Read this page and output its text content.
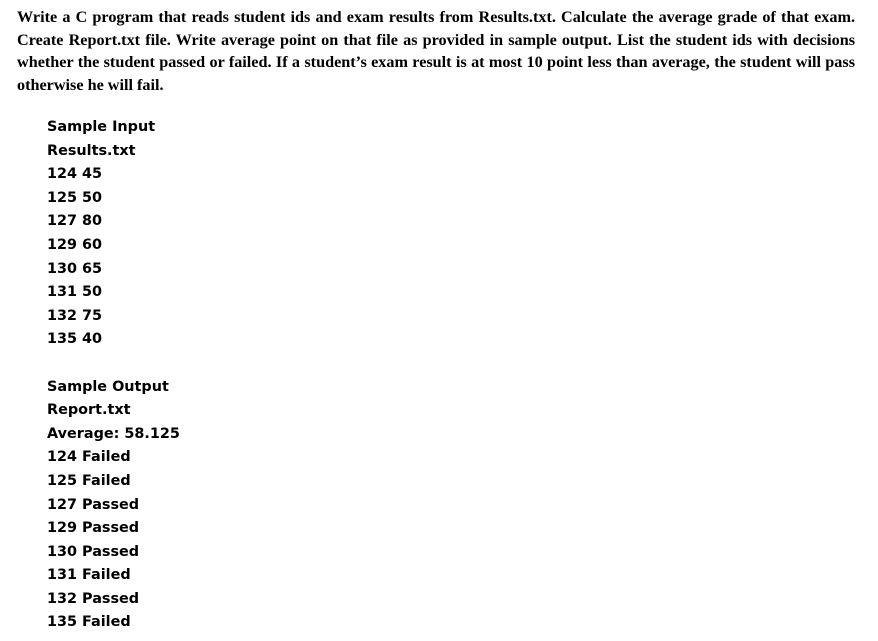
Write a C program that reads student ids and exam results from Results.txt. Calculate the average grade of that exam. Create Report.txt file. Write average point on that file as provided in sample output. List the student ids with decisions whether the student passed or failed. If a student’s exam result is at most 10 point less than average, the student will pass otherwise he will fail.

Sample Input
Results.txt
124 45
125 50
127 80
129 60
130 65
131 50
132 75
135 40
Sample Output
Report.txt
Average: 58.125
124 Failed
125 Failed
127 Passed
129 Passed
130 Passed
131 Failed
132 Passed
135 Failed
